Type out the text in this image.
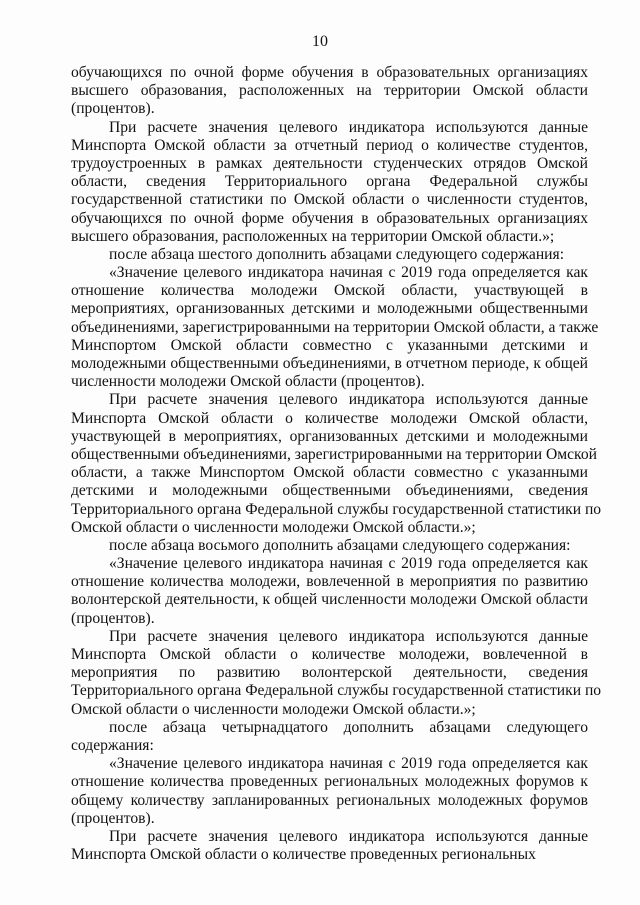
10
обучающихся по очной форме обучения в образовательных организациях
высшего образования, расположенных на территории Омской области
(процентов).
При расчете значения целевого индикатора используются данные
Минспорта Омской области за отчетный период о количестве студентов,
трудоустроенных в рамках деятельности студенческих отрядов Омской
области, сведения Территориального органа Федеральной службы
государственной статистики по Омской области о численности студентов,
обучающихся по очной форме обучения в образовательных организациях
высшего образования, расположенных на территории Омской области.»;
после абзаца шестого дополнить абзацами следующего содержания:
«Значение целевого индикатора начиная с 2019 года определяется как
отношение количества молодежи Омской области, участвующей в
мероприятиях, организованных детскими и молодежными общественными
объединениями, зарегистрированными на территории Омской области, а также
Минспортом Омской области совместно с указанными детскими и
молодежными общественными объединениями, в отчетном периоде, к общей
численности молодежи Омской области (процентов).
При расчете значения целевого индикатора используются данные
Минспорта Омской области о количестве молодежи Омской области,
участвующей в мероприятиях, организованных детскими и молодежными
общественными объединениями, зарегистрированными на территории Омской
области, а также Минспортом Омской области совместно с указанными
детскими и молодежными общественными объединениями, сведения
Территориального органа Федеральной службы государственной статистики по
Омской области о численности молодежи Омской области.»;
после абзаца восьмого дополнить абзацами следующего содержания:
«Значение целевого индикатора начиная с 2019 года определяется как
отношение количества молодежи, вовлеченной в мероприятия по развитию
волонтерской деятельности, к общей численности молодежи Омской области
(процентов).
При расчете значения целевого индикатора используются данные
Минспорта Омской области о количестве молодежи, вовлеченной в
мероприятия по развитию волонтерской деятельности, сведения
Территориального органа Федеральной службы государственной статистики по
Омской области о численности молодежи Омской области.»;
после абзаца четырнадцатого дополнить абзацами следующего
содержания:
«Значение целевого индикатора начиная с 2019 года определяется как
отношение количества проведенных региональных молодежных форумов к
общему количеству запланированных региональных молодежных форумов
(процентов).
При расчете значения целевого индикатора используются данные
Минспорта Омской области о количестве проведенных региональных
